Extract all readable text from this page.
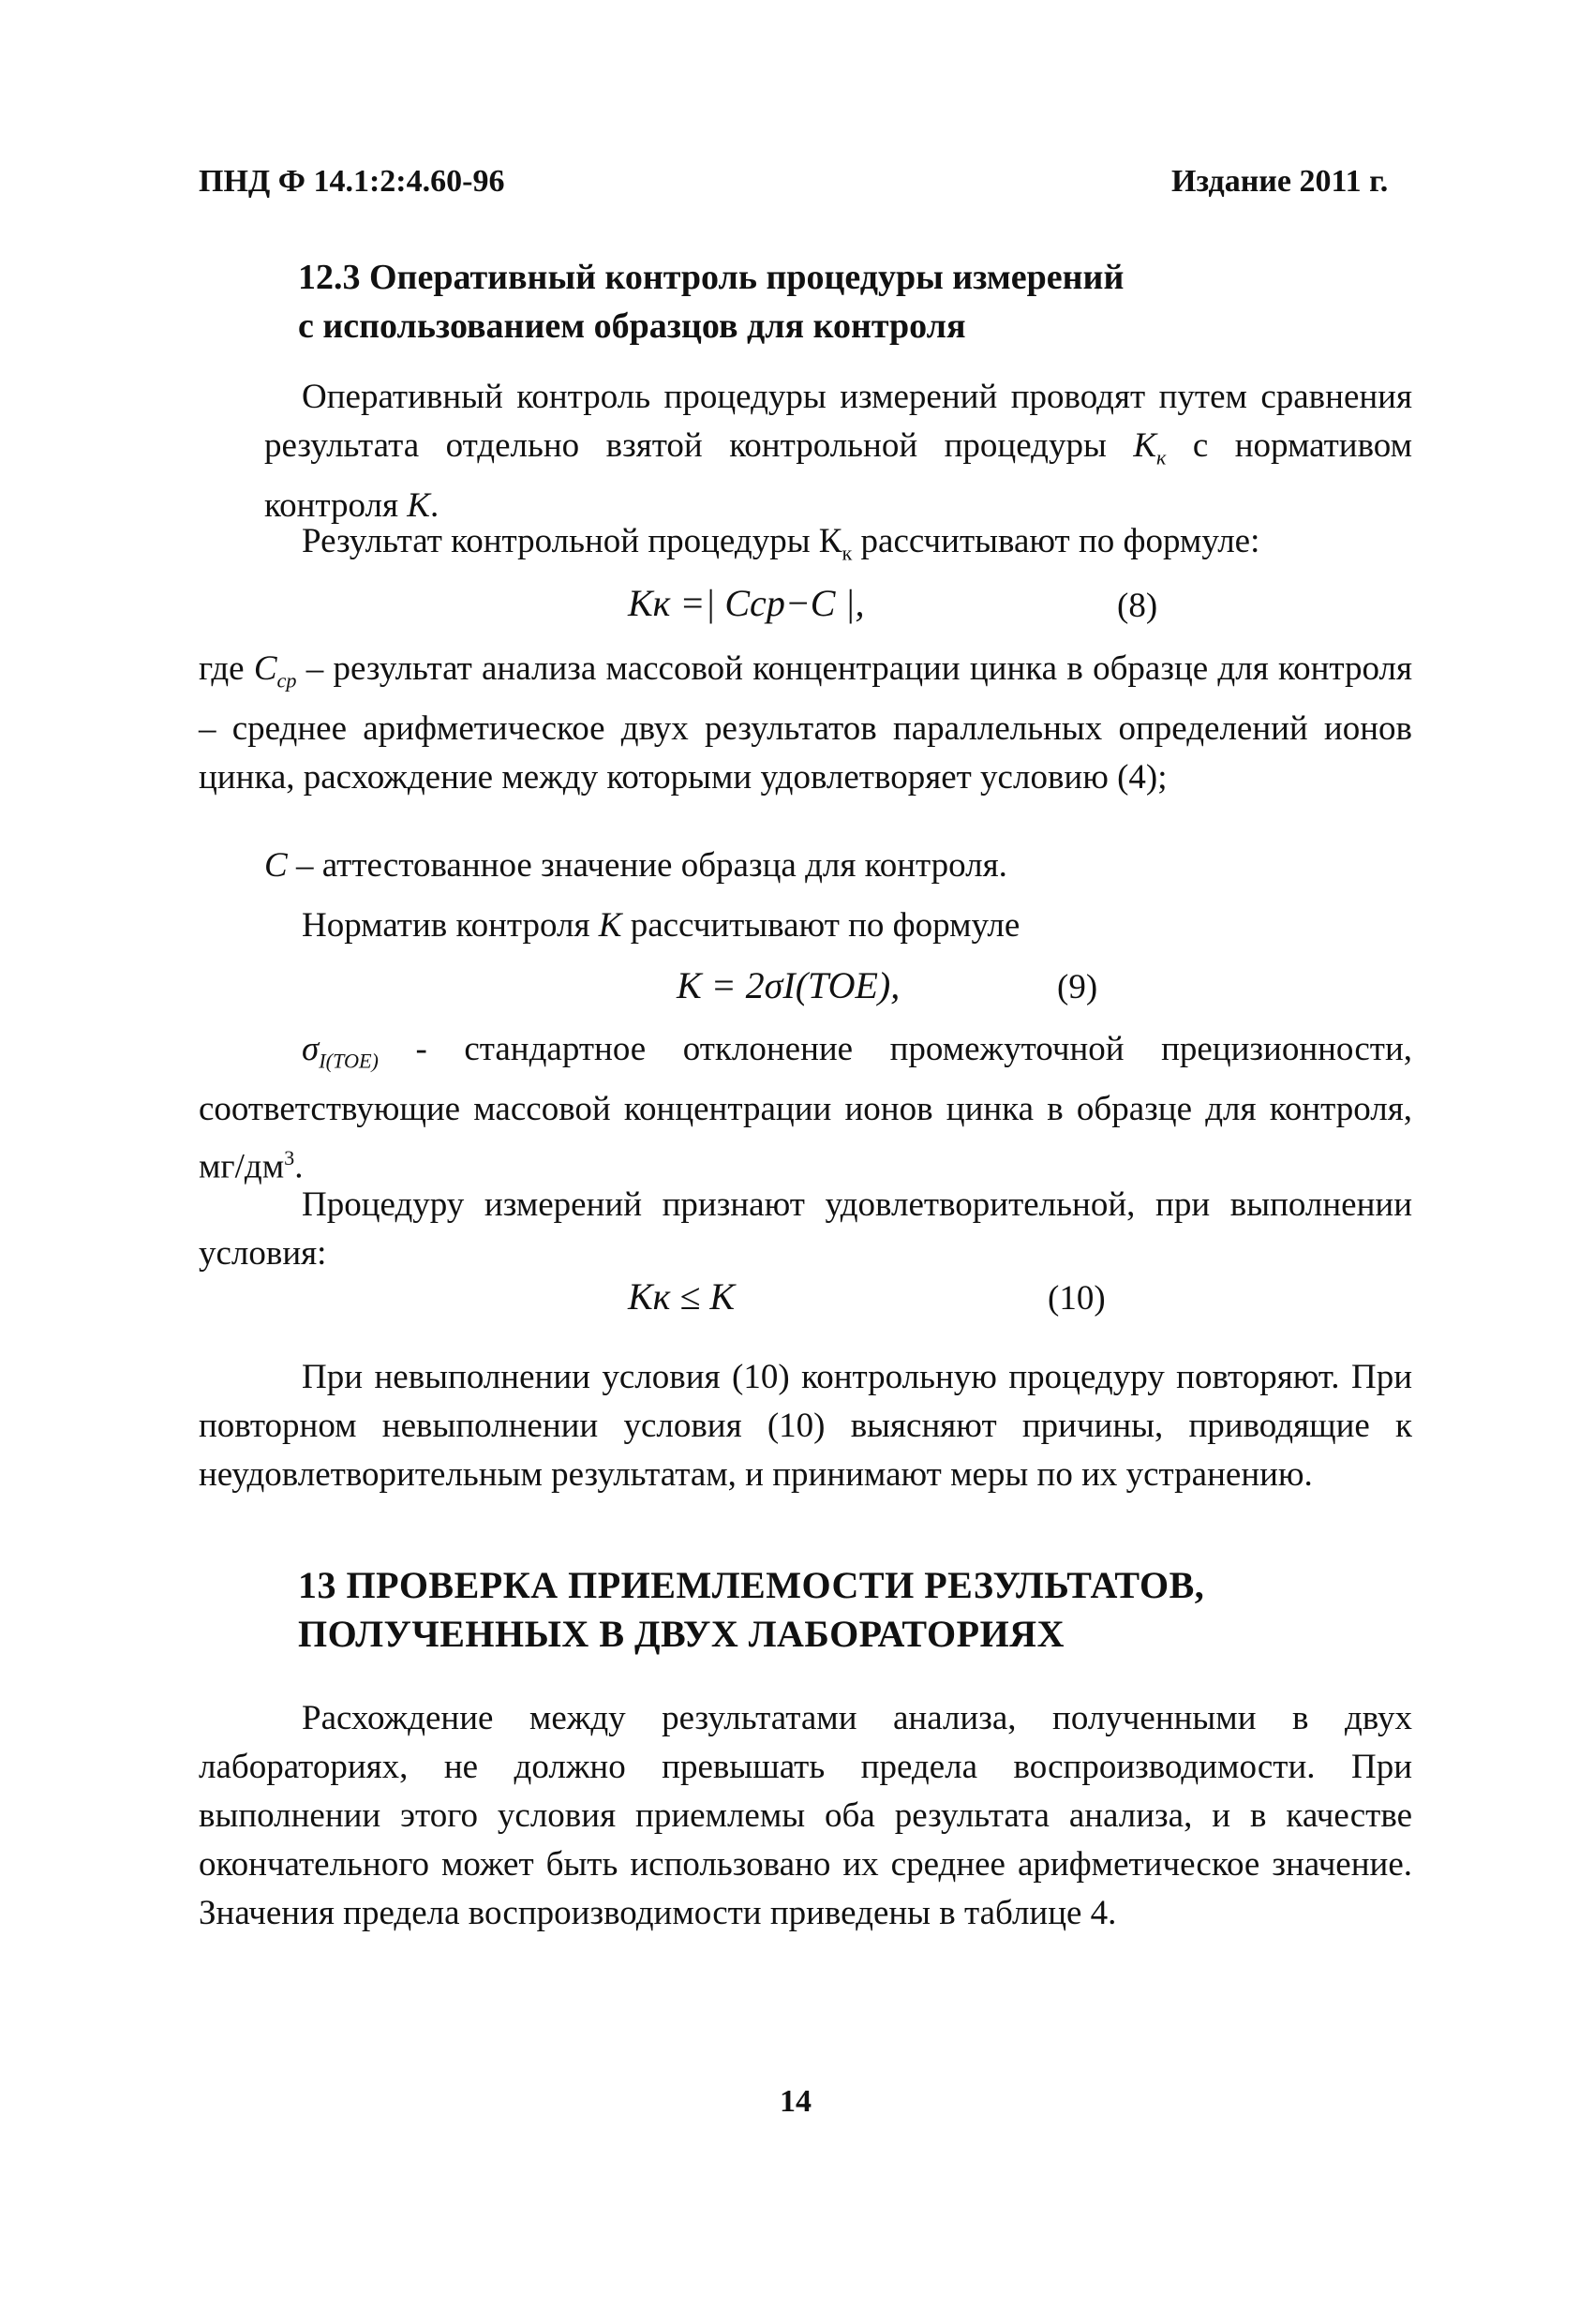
ПНД Ф 14.1:2:4.60-96	Издание 2011 г.
12.3 Оперативный контроль процедуры измерений
с использованием образцов для контроля
Оперативный контроль процедуры измерений проводят путем сравнения результата отдельно взятой контрольной процедуры $K_к$ с нормативом контроля K.
Результат контрольной процедуры $К_к$ рассчитывают по формуле:
Kк =| Cср−C |,	(8)
где $C_{ср}$ – результат анализа массовой концентрации цинка в образце для контроля – среднее арифметическое двух результатов параллельных определений ионов цинка, расхождение между которыми удовлетворяет условию (4);
C – аттестованное значение образца для контроля.
Норматив контроля K рассчитывают по формуле
K = 2σI(TOE),	(9)
$\sigma_{I(TOE)}$ - стандартное отклонение промежуточной прецизионности, соответствующие массовой концентрации ионов цинка в образце для контроля, $мг/дм^3$.
Процедуру измерений признают удовлетворительной, при выполнении условия:
Kк ≤ К	(10)
При невыполнении условия (10) контрольную процедуру повторяют. При повторном невыполнении условия (10) выясняют причины, приводящие к неудовлетворительным результатам, и принимают меры по их устранению.
13 ПРОВЕРКА ПРИЕМЛЕМОСТИ РЕЗУЛЬТАТОВ,
ПОЛУЧЕННЫХ В ДВУХ ЛАБОРАТОРИЯХ
Расхождение между результатами анализа, полученными в двух лабораториях, не должно превышать предела воспроизводимости. При выполнении этого условия приемлемы оба результата анализа, и в качестве окончательного может быть использовано их среднее арифметическое значение. Значения предела воспроизводимости приведены в таблице 4.
14
